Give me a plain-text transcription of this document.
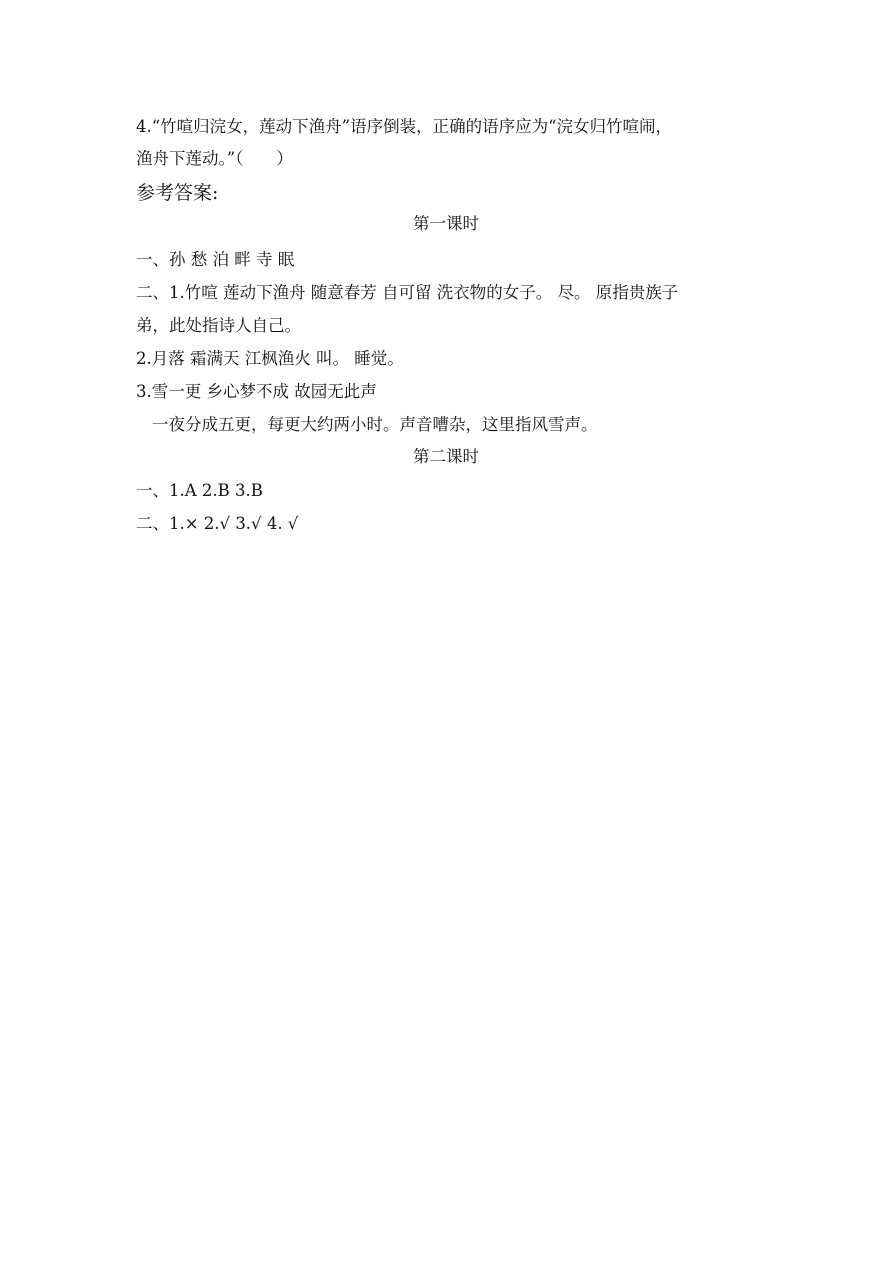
4.“竹喧归浣女，莲动下渔舟”语序倒装，正确的语序应为“浣女归竹喧闹，
渔舟下莲动。”（　　）
参考答案:
第一课时
一、孙 愁 泊 畔 寺 眠
二、1.竹喧 莲动下渔舟 随意春芳 自可留 洗衣物的女子。 尽。 原指贵族子
弟，此处指诗人自己。
2.月落 霜满天 江枫渔火 叫。 睡觉。
3.雪一更 乡心梦不成 故园无此声
一夜分成五更，每更大约两小时。声音嘈杂，这里指风雪声。
第二课时
一、1.A 2.B 3.B
二、1.× 2.√ 3.√ 4. √
